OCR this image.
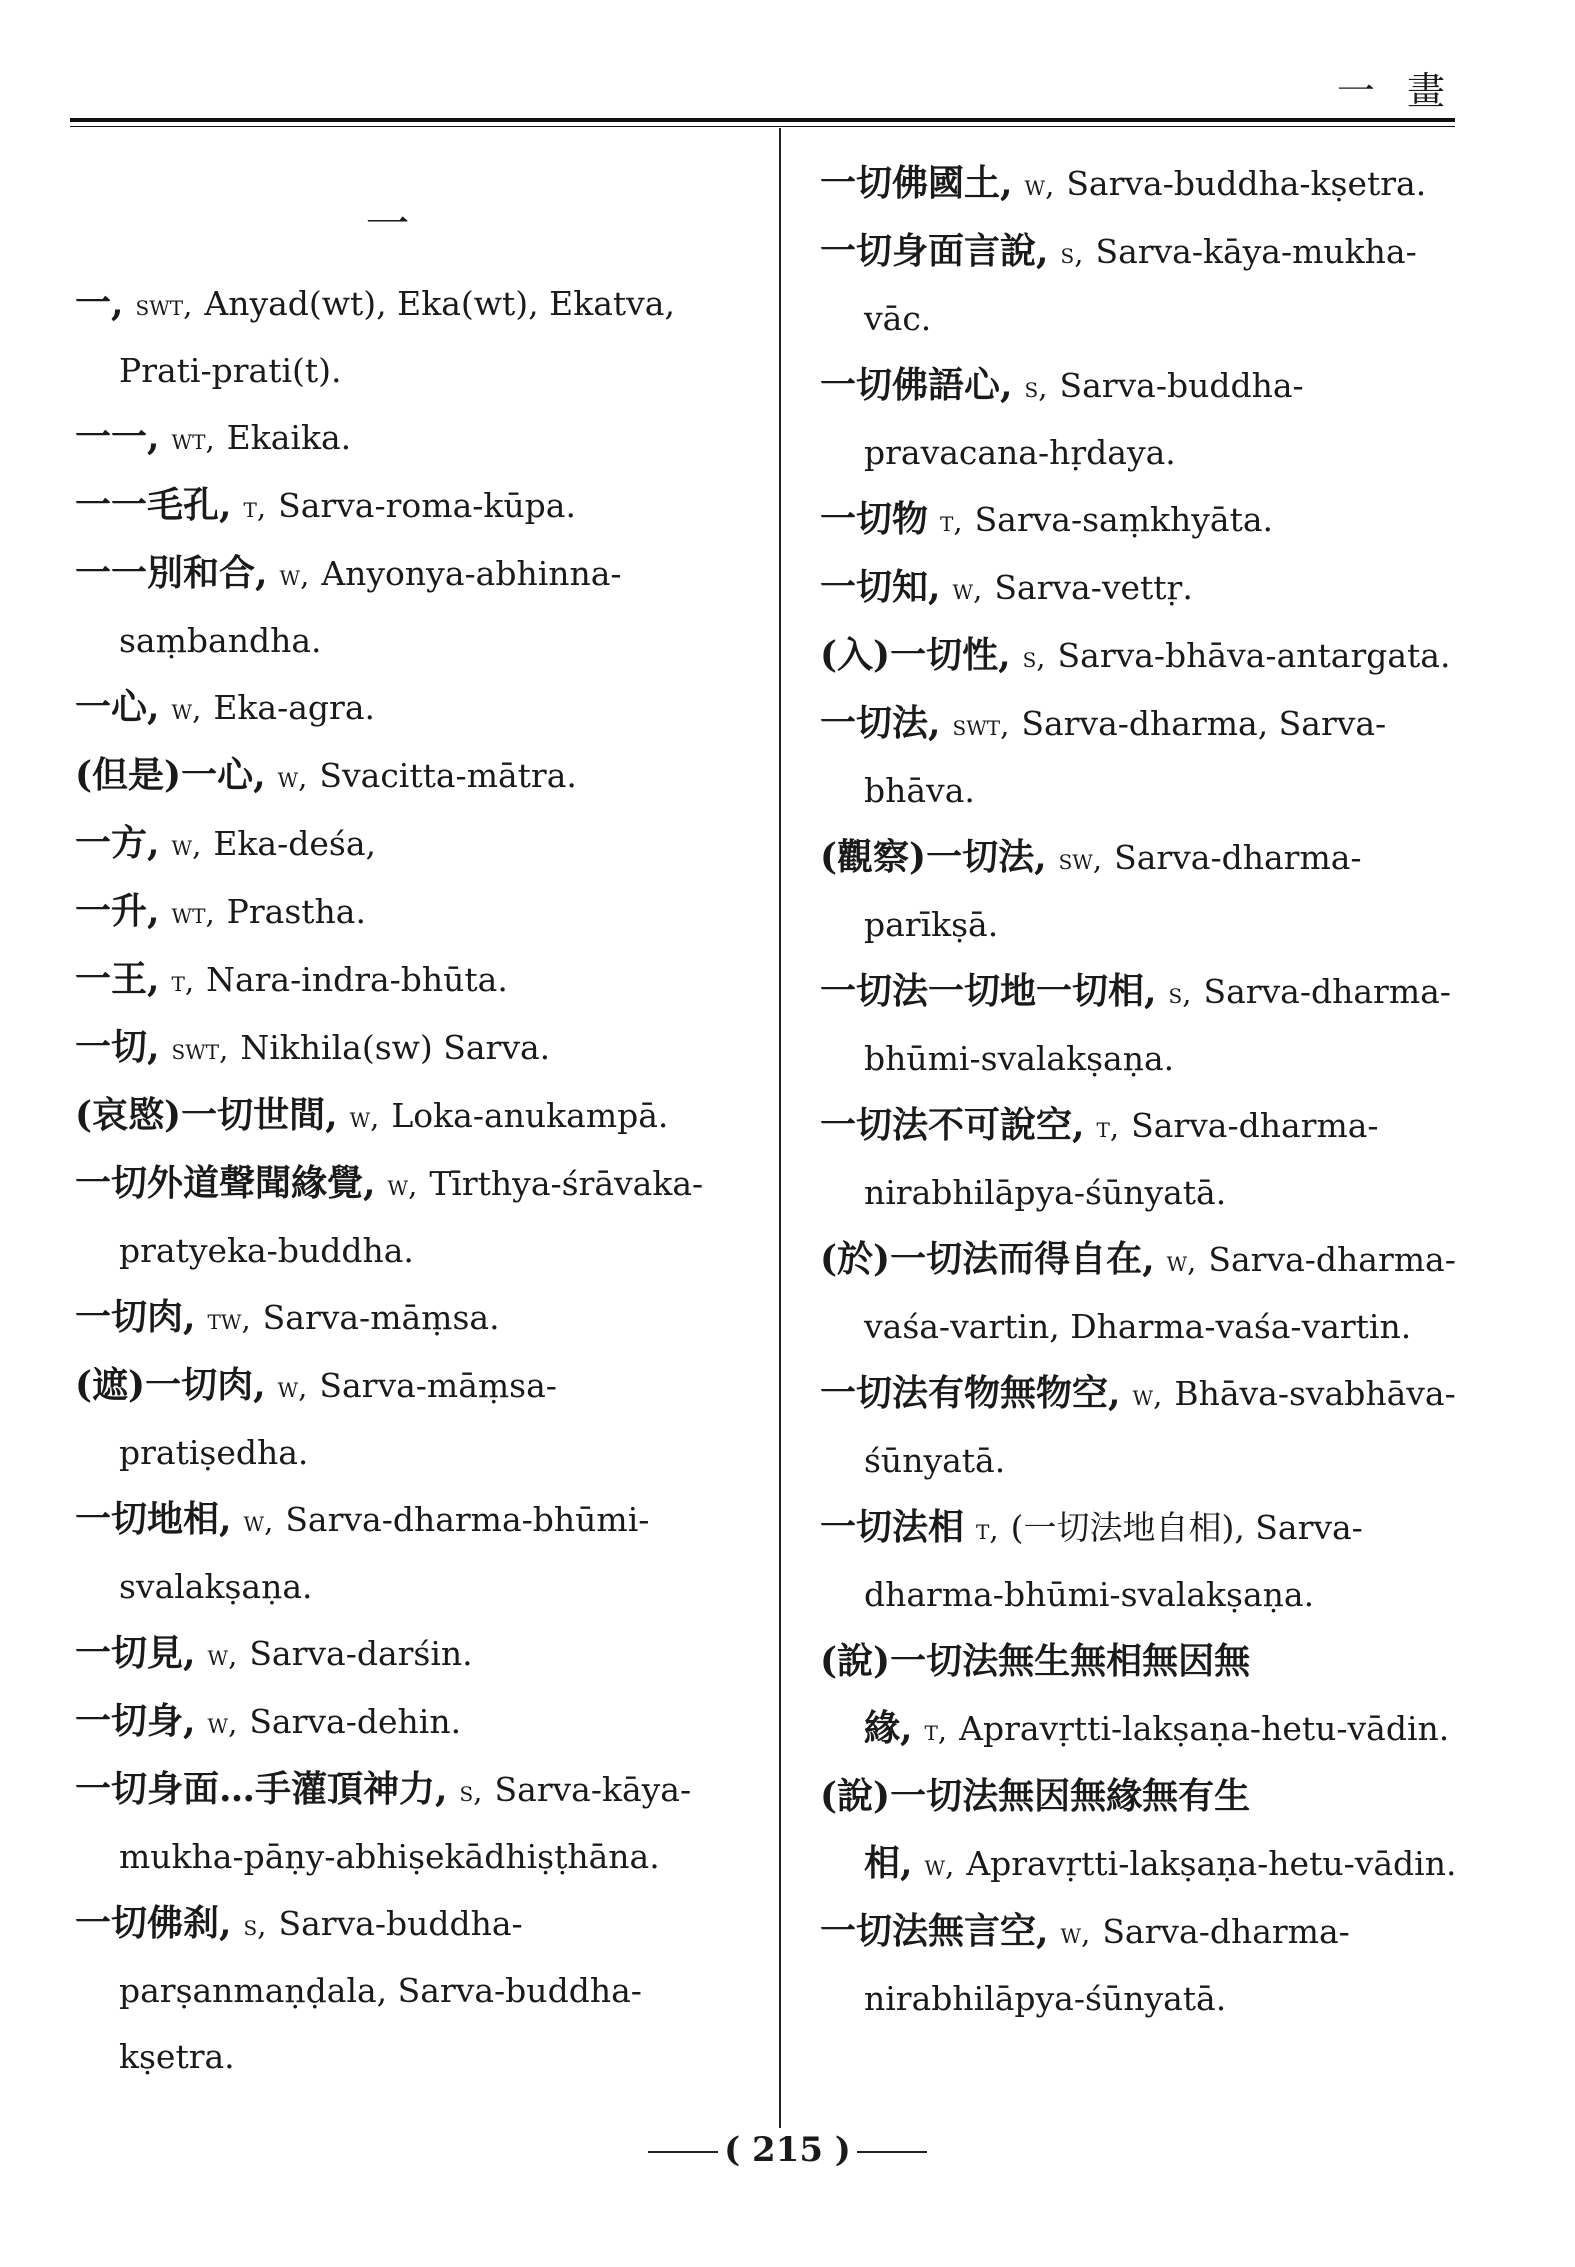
一 畫
一

一, swt, Anyad(wt), Eka(wt), Ekatva, Prati-prati(t).

一一, wt, Ekaika.

一一毛孔, t, Sarva-roma-kūpa.

一一別和合, w, Anyonya-abhinna-saṃbandha.

一心, w, Eka-agra.

(但是)一心, w, Svacitta-mātra.

一方, w, Eka-deśa,

一升, wt, Prastha.

一王, t, Nara-indra-bhūta.

一切, swt, Nikhila(sw) Sarva.

(哀愍)一切世間, w, Loka-anukampā.

一切外道聲聞緣覺, w, Tīrthya-śrāvaka-pratyeka-buddha.

一切肉, tw, Sarva-māṃsa.

(遮)一切肉, w, Sarva-māṃsa-pratiṣedha.

一切地相, w, Sarva-dharma-bhūmi-svalakṣaṇa.

一切見, w, Sarva-darśin.

一切身, w, Sarva-dehin.

一切身面…手灌頂神力, s, Sarva-kāya-mukha-pāṇy-abhiṣekādhiṣṭhāna.

一切佛刹, s, Sarva-buddha-parṣanmaṇḍala, Sarva-buddha-kṣetra.

一切佛國土, w, Sarva-buddha-kṣetra.

一切身面言說, s, Sarva-kāya-mukha-vāc.

一切佛語心, s, Sarva-buddha-pravacana-hṛdaya.

一切物 t, Sarva-saṃkhyāta.

一切知, w, Sarva-vettṛ.

(入)一切性, s, Sarva-bhāva-antargata.

一切法, swt, Sarva-dharma, Sarva-bhāva.

(觀察)一切法, sw, Sarva-dharma-parīkṣā.

一切法一切地一切相, s, Sarva-dharma-bhūmi-svalakṣaṇa.

一切法不可說空, t, Sarva-dharma-nirabhilāpya-śūnyatā.

(於)一切法而得自在, w, Sarva-dharma-vaśa-vartin, Dharma-vaśa-vartin.

一切法有物無物空, w, Bhāva-svabhāva-śūnyatā.

一切法相 t, (一切法地自相), Sarva-dharma-bhūmi-svalakṣaṇa.

(說)一切法無生無相無因無緣, t, Apravṛtti-lakṣaṇa-hetu-vādin.

(說)一切法無因無緣無有生相, w, Apravṛtti-lakṣaṇa-hetu-vādin.

一切法無言空, w, Sarva-dharma-nirabhilāpya-śūnyatā.

( 215 )
